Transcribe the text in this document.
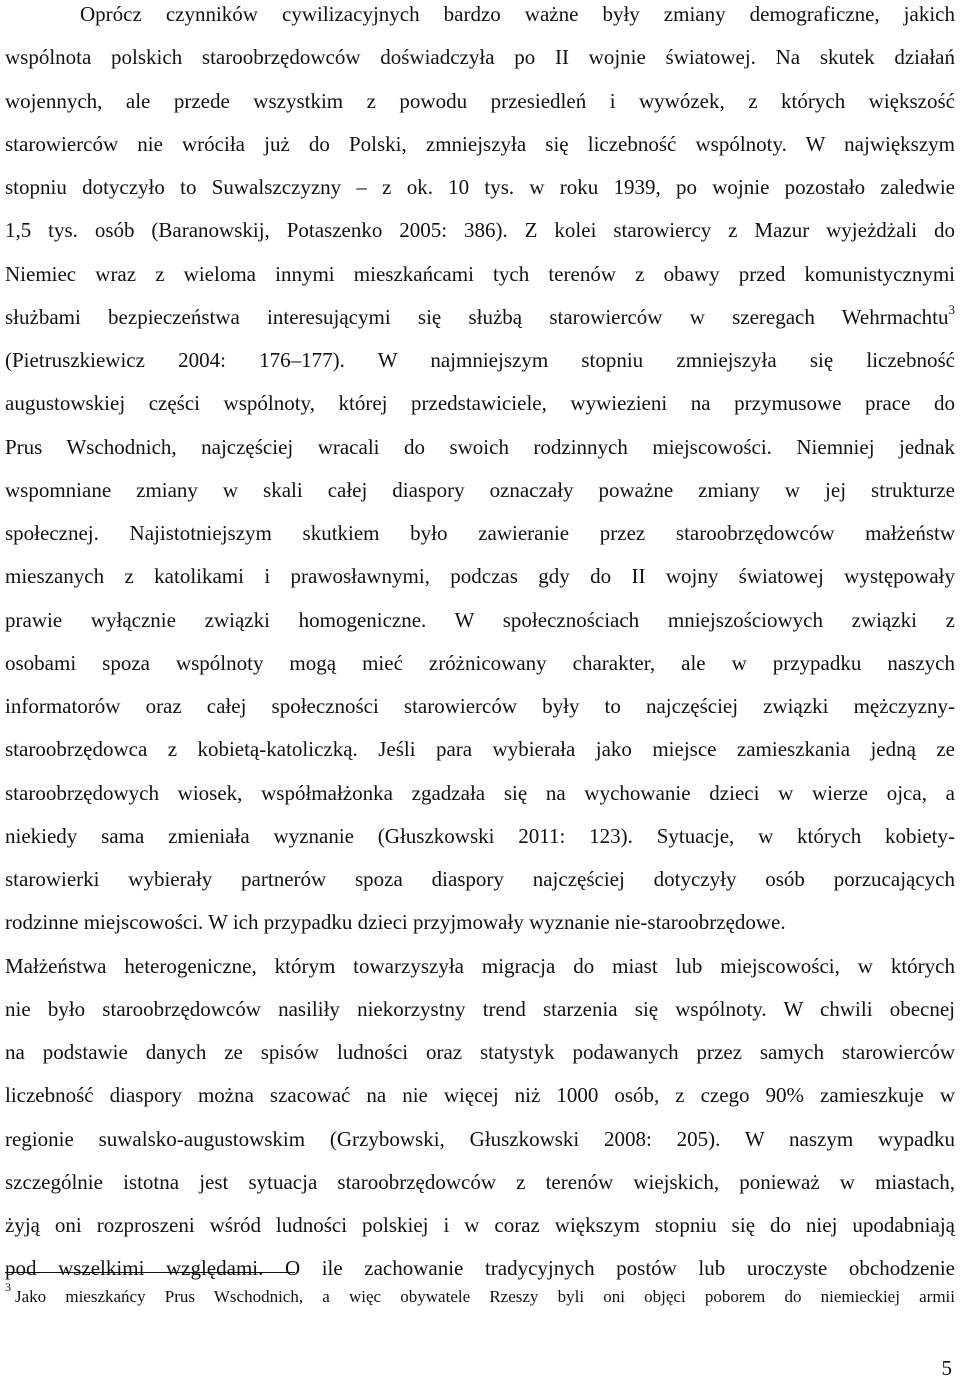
Oprócz czynników cywilizacyjnych bardzo ważne były zmiany demograficzne, jakich
wspólnota polskich staroobrzędowców doświadczyła po II wojnie światowej. Na skutek działań
wojennych, ale przede wszystkim z powodu przesiedleń i wywózek, z których większość
starowierców nie wróciła już do Polski, zmniejszyła się liczebność wspólnoty. W największym
stopniu dotyczyło to Suwalszczyzny – z ok. 10 tys. w roku 1939, po wojnie pozostało zaledwie
1,5 tys. osób (Baranowskij, Potaszenko 2005: 386). Z kolei starowiercy z Mazur wyjeżdżali do
Niemiec wraz z wieloma innymi mieszkańcami tych terenów z obawy przed komunistycznymi
służbami bezpieczeństwa interesującymi się służbą starowierców w szeregach Wehrmachtu$^3$
(Pietruszkiewicz 2004: 176–177). W najmniejszym stopniu zmniejszyła się liczebność
augustowskiej części wspólnoty, której przedstawiciele, wywiezieni na przymusowe prace do
Prus Wschodnich, najczęściej wracali do swoich rodzinnych miejscowości. Niemniej jednak
wspomniane zmiany w skali całej diaspory oznaczały poważne zmiany w jej strukturze
społecznej. Najistotniejszym skutkiem było zawieranie przez staroobrzędowców małżeństw
mieszanych z katolikami i prawosławnymi, podczas gdy do II wojny światowej występowały
prawie wyłącznie związki homogeniczne. W społecznościach mniejszościowych związki z
osobami spoza wspólnoty mogą mieć zróżnicowany charakter, ale w przypadku naszych
informatorów oraz całej społeczności starowierców były to najczęściej związki mężczyzny-
staroobrzędowca z kobietą-katoliczką. Jeśli para wybierała jako miejsce zamieszkania jedną ze
staroobrzędowych wiosek, współmałżonka zgadzała się na wychowanie dzieci w wierze ojca, a
niekiedy sama zmieniała wyznanie (Głuszkowski 2011: 123). Sytuacje, w których kobiety-
starowierki wybierały partnerów spoza diaspory najczęściej dotyczyły osób porzucających
rodzinne miejscowości. W ich przypadku dzieci przyjmowały wyznanie nie-staroobrzędowe.
Małżeństwa heterogeniczne, którym towarzyszyła migracja do miast lub miejscowości, w których
nie było staroobrzędowców nasiliły niekorzystny trend starzenia się wspólnoty. W chwili obecnej
na podstawie danych ze spisów ludności oraz statystyk podawanych przez samych starowierców
liczebność diaspory można szacować na nie więcej niż 1000 osób, z czego 90% zamieszkuje w
regionie suwalsko-augustowskim (Grzybowski, Głuszkowski 2008: 205). W naszym wypadku
szczególnie istotna jest sytuacja staroobrzędowców z terenów wiejskich, ponieważ w miastach,
żyją oni rozproszeni wśród ludności polskiej i w coraz większym stopniu się do niej upodabniają
pod wszelkimi względami. O ile zachowanie tradycyjnych postów lub uroczyste obchodzenie
$^3$ Jako mieszkańcy Prus Wschodnich, a więc obywatele Rzeszy byli oni objęci poborem do niemieckiej armii
5
